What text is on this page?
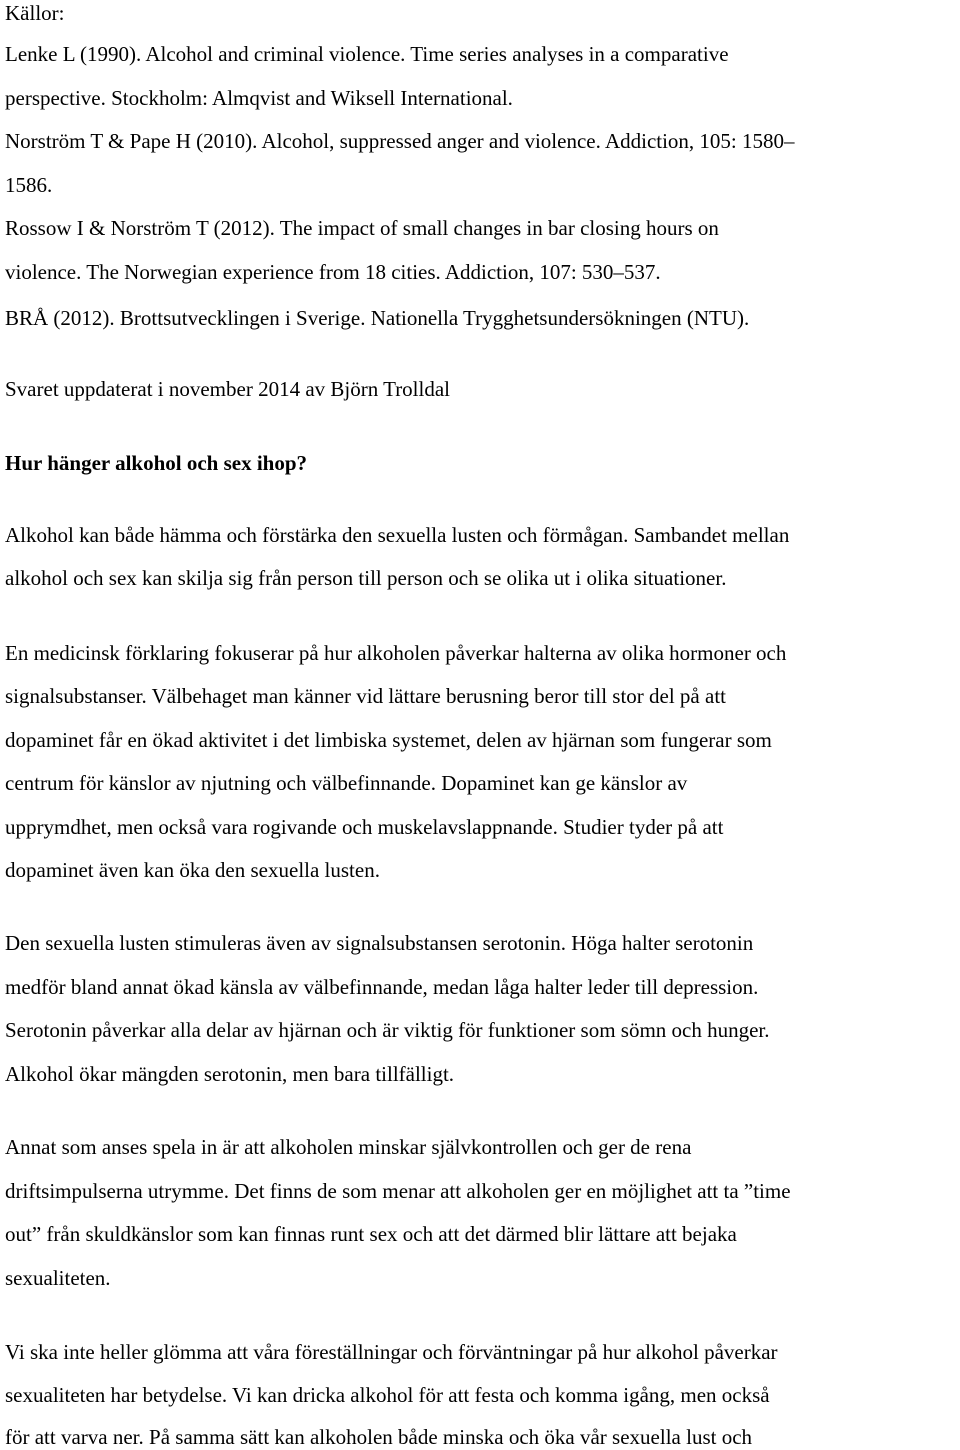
Källor:
Lenke L (1990). Alcohol and criminal violence. Time series analyses in a comparative
perspective. Stockholm: Almqvist and Wiksell International.
Norström T & Pape H (2010). Alcohol, suppressed anger and violence. Addiction, 105: 1580–
1586.
Rossow I & Norström T (2012). The impact of small changes in bar closing hours on
violence. The Norwegian experience from 18 cities. Addiction, 107: 530–537.
BRÅ (2012). Brottsutvecklingen i Sverige. Nationella Trygghetsundersökningen (NTU).
Svaret uppdaterat i november 2014 av Björn Trolldal
Hur hänger alkohol och sex ihop?
Alkohol kan både hämma och förstärka den sexuella lusten och förmågan. Sambandet mellan
alkohol och sex kan skilja sig från person till person och se olika ut i olika situationer.
En medicinsk förklaring fokuserar på hur alkoholen påverkar halterna av olika hormoner och
signalsubstanser. Välbehaget man känner vid lättare berusning beror till stor del på att
dopaminet får en ökad aktivitet i det limbiska systemet, delen av hjärnan som fungerar som
centrum för känslor av njutning och välbefinnande. Dopaminet kan ge känslor av
upprymdhet, men också vara rogivande och muskelavslappnande. Studier tyder på att
dopaminet även kan öka den sexuella lusten.
Den sexuella lusten stimuleras även av signalsubstansen serotonin. Höga halter serotonin
medför bland annat ökad känsla av välbefinnande, medan låga halter leder till depression.
Serotonin påverkar alla delar av hjärnan och är viktig för funktioner som sömn och hunger.
Alkohol ökar mängden serotonin, men bara tillfälligt.
Annat som anses spela in är att alkoholen minskar självkontrollen och ger de rena
driftsimpulserna utrymme. Det finns de som menar att alkoholen ger en möjlighet att ta ”time
out” från skuldkänslor som kan finnas runt sex och att det därmed blir lättare att bejaka
sexualiteten.
Vi ska inte heller glömma att våra föreställningar och förväntningar på hur alkohol påverkar
sexualiteten har betydelse. Vi kan dricka alkohol för att festa och komma igång, men också
för att varva ner. På samma sätt kan alkoholen både minska och öka vår sexuella lust och
